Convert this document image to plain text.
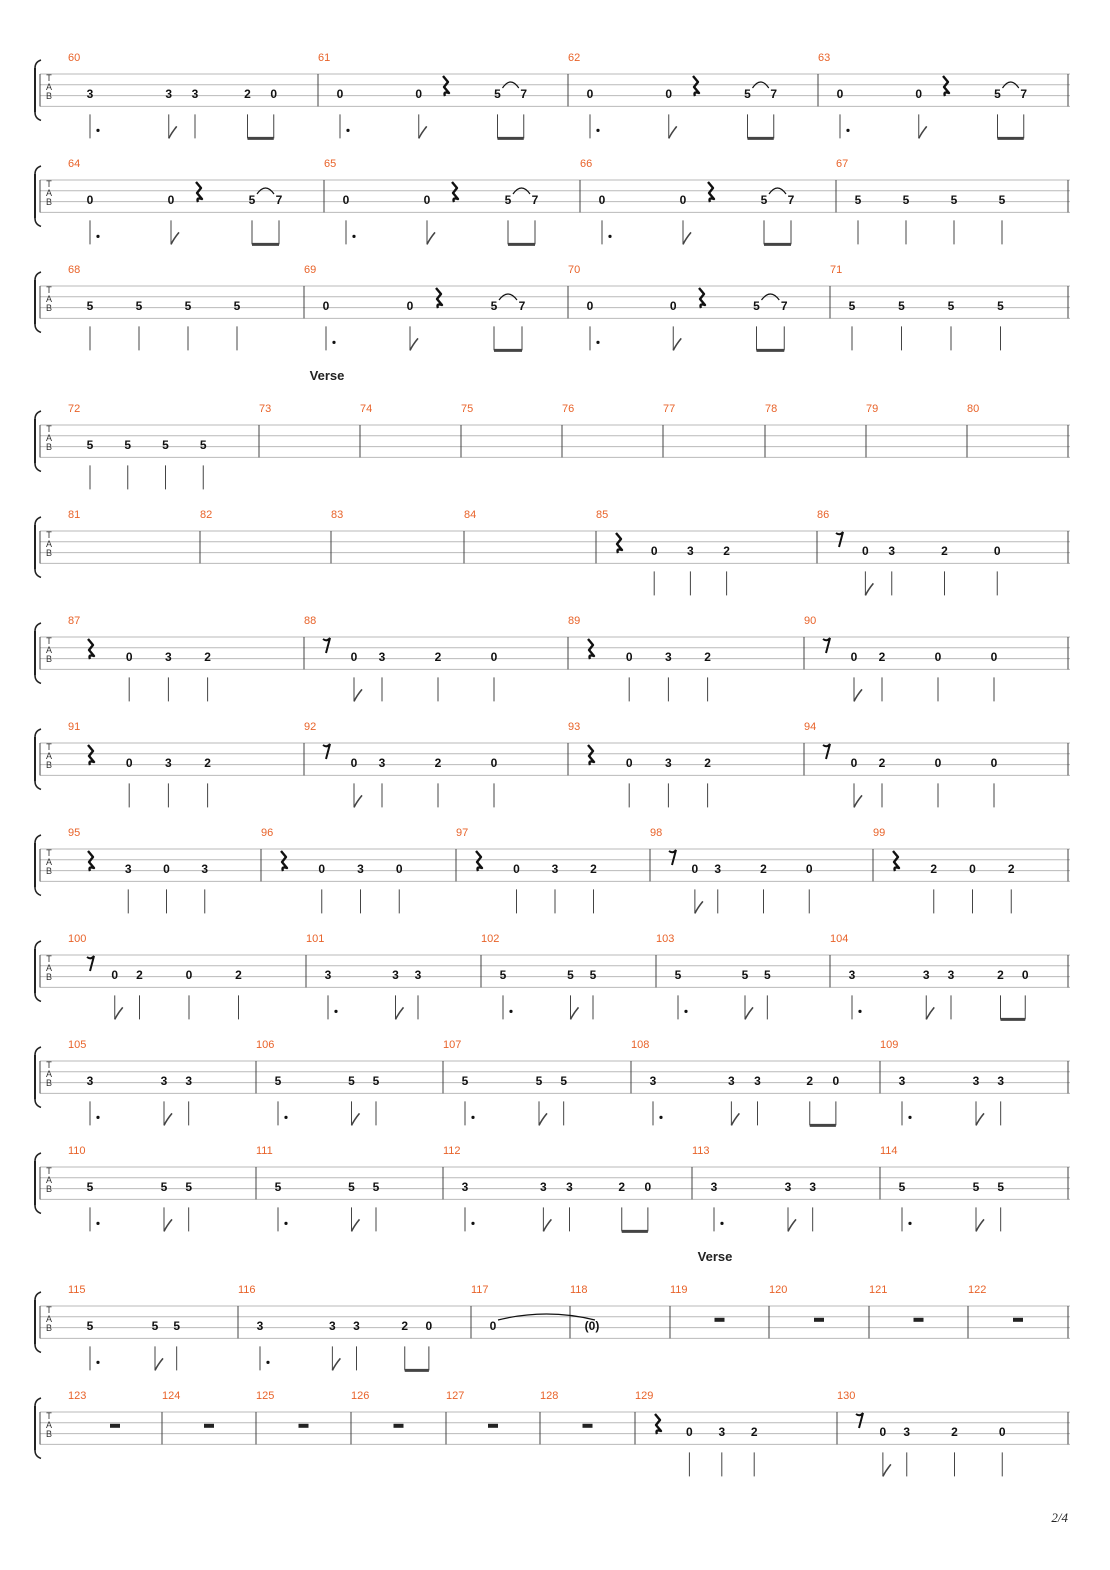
T
A
B
60
3	3 3	2 0
61
0	0	5 7
62
0	0	5 7
63
0	0	5 7
T
A
B
64
0	0	5 7
65
0	0	5 7
66
0	0	5 7
67
5	5	5	5
T
A
B
68
5	5	5	5
69
0	0	5 7
70
0	0	5 7
71
5	5	5	5
T
A
B
Verse
72
5	5	5	5
73	74	75	76	77	78	79	80
T
A
B
81	82	83	84	85
0 3 2
86
0 3	2	0
T
A
B
87
0	3	2
88
0 3	2	0
89
0	3	2
90
0 2	0	0
T
A
B
91
0	3	2
92
0 3	2	0
93
0	3	2
94
0 2	0	0
T
A
B
95
3	0	3
96
0	3	0
97
0	3	2
98
0 3	2	0
99
2	0	2
T
A
B
100
0 2	0	2
101
3	3 3
102
5	5 5
103
5	5 5
104
3	3 3	2 0
T
A
B
105
3	3 3
106
5	5 5
107
5	5 5
108
3	3 3	2 0
109
3	3 3
T
A
B
110
5	5 5
111
5	5 5
112
3	3 3	2 0
113
3	3 3
114
5	5 5
T
A
B
Verse
115
5	5 5
116
3	3 3	2 0
117
0
118
(0)
119	120	121	122
T
A
B
123	124	125	126	127	128	129
0 3 2
130
0 3	2	0
2/4
